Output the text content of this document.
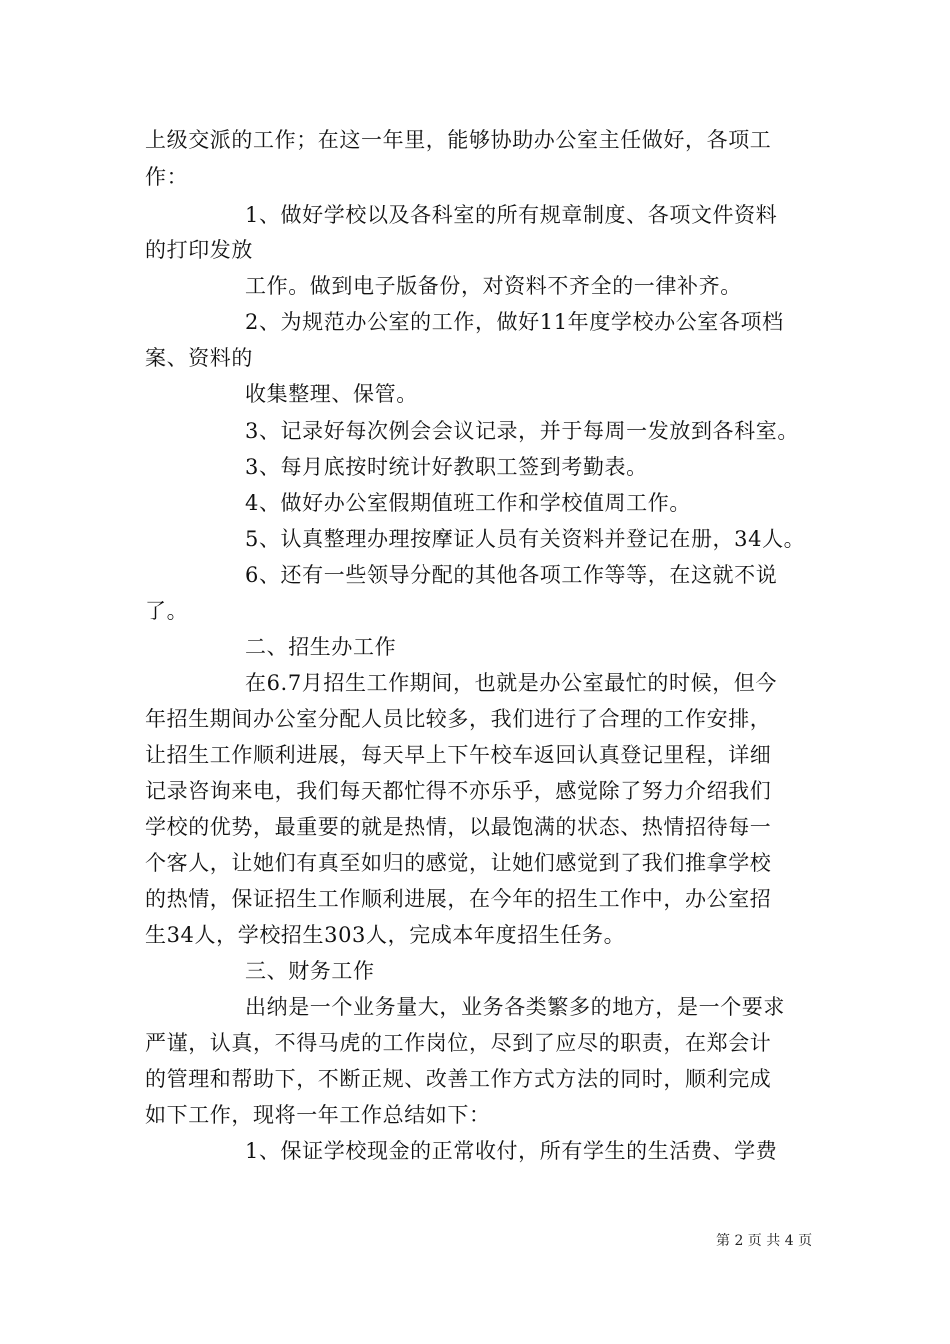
上级交派的工作；在这一年里，能够协助办公室主任做好，各项工
作：
1、做好学校以及各科室的所有规章制度、各项文件资料
的打印发放
工作。做到电子版备份，对资料不齐全的一律补齐。
2、为规范办公室的工作，做好11年度学校办公室各项档
案、资料的
收集整理、保管。
3、记录好每次例会会议记录，并于每周一发放到各科室。
3、每月底按时统计好教职工签到考勤表。
4、做好办公室假期值班工作和学校值周工作。
5、认真整理办理按摩证人员有关资料并登记在册，34人。
6、还有一些领导分配的其他各项工作等等，在这就不说
了。
二、招生办工作
在6.7月招生工作期间，也就是办公室最忙的时候，但今
年招生期间办公室分配人员比较多，我们进行了合理的工作安排，
让招生工作顺利进展，每天早上下午校车返回认真登记里程，详细
记录咨询来电，我们每天都忙得不亦乐乎，感觉除了努力介绍我们
学校的优势，最重要的就是热情，以最饱满的状态、热情招待每一
个客人，让她们有真至如归的感觉，让她们感觉到了我们推拿学校
的热情，保证招生工作顺利进展，在今年的招生工作中，办公室招
生34人，学校招生303人，完成本年度招生任务。
三、财务工作
出纳是一个业务量大，业务各类繁多的地方，是一个要求
严谨，认真，不得马虎的工作岗位，尽到了应尽的职责，在郑会计
的管理和帮助下，不断正规、改善工作方式方法的同时，顺利完成
如下工作，现将一年工作总结如下：
1、保证学校现金的正常收付，所有学生的生活费、学费
第 2 页 共 4 页
